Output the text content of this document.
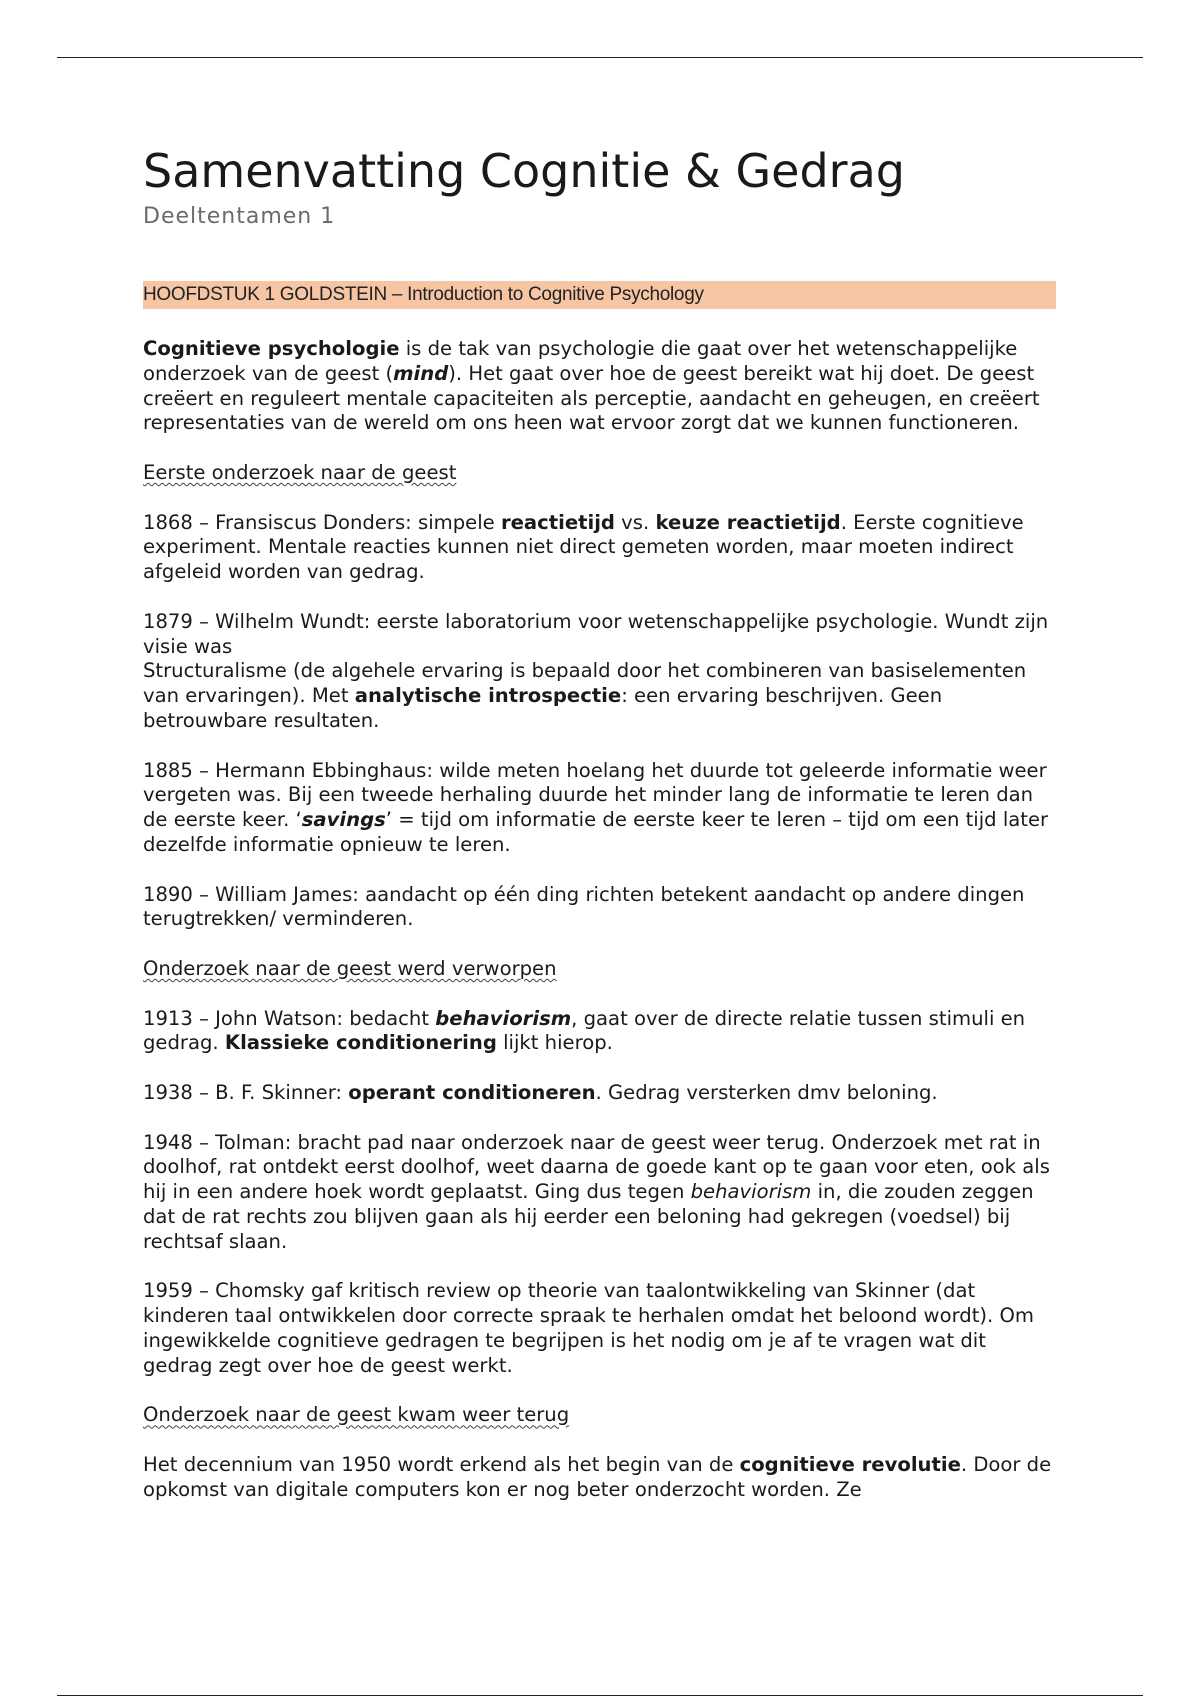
Samenvatting Cognitie & Gedrag
Deeltentamen 1
HOOFDSTUK 1 GOLDSTEIN – Introduction to Cognitive Psychology

Cognitieve psychologie is de tak van psychologie die gaat over het wetenschappelijke onderzoek van de geest (mind). Het gaat over hoe de geest bereikt wat hij doet. De geest creëert en reguleert mentale capaciteiten als perceptie, aandacht en geheugen, en creëert representaties van de wereld om ons heen wat ervoor zorgt dat we kunnen functioneren.

Eerste onderzoek naar de geest

1868 – Fransiscus Donders: simpele reactietijd vs. keuze reactietijd. Eerste cognitieve experiment. Mentale reacties kunnen niet direct gemeten worden, maar moeten indirect afgeleid worden van gedrag.

1879 – Wilhelm Wundt: eerste laboratorium voor wetenschappelijke psychologie. Wundt zijn visie was
Structuralisme (de algehele ervaring is bepaald door het combineren van basiselementen van ervaringen). Met analytische introspectie: een ervaring beschrijven. Geen betrouwbare resultaten.

1885 – Hermann Ebbinghaus: wilde meten hoelang het duurde tot geleerde informatie weer vergeten was. Bij een tweede herhaling duurde het minder lang de informatie te leren dan de eerste keer. ‘savings’ = tijd om informatie de eerste keer te leren – tijd om een tijd later dezelfde informatie opnieuw te leren.

1890 – William James: aandacht op één ding richten betekent aandacht op andere dingen terugtrekken/ verminderen.

Onderzoek naar de geest werd verworpen

1913 – John Watson: bedacht behaviorism, gaat over de directe relatie tussen stimuli en gedrag. Klassieke conditionering lijkt hierop.

1938 – B. F. Skinner: operant conditioneren. Gedrag versterken dmv beloning.

1948 – Tolman: bracht pad naar onderzoek naar de geest weer terug. Onderzoek met rat in doolhof, rat ontdekt eerst doolhof, weet daarna de goede kant op te gaan voor eten, ook als hij in een andere hoek wordt geplaatst. Ging dus tegen behaviorism in, die zouden zeggen dat de rat rechts zou blijven gaan als hij eerder een beloning had gekregen (voedsel) bij rechtsaf slaan.

1959 – Chomsky gaf kritisch review op theorie van taalontwikkeling van Skinner (dat kinderen taal ontwikkelen door correcte spraak te herhalen omdat het beloond wordt). Om ingewikkelde cognitieve gedragen te begrijpen is het nodig om je af te vragen wat dit gedrag zegt over hoe de geest werkt.

Onderzoek naar de geest kwam weer terug

Het decennium van 1950 wordt erkend als het begin van de cognitieve revolutie. Door de opkomst van digitale computers kon er nog beter onderzocht worden. Ze
